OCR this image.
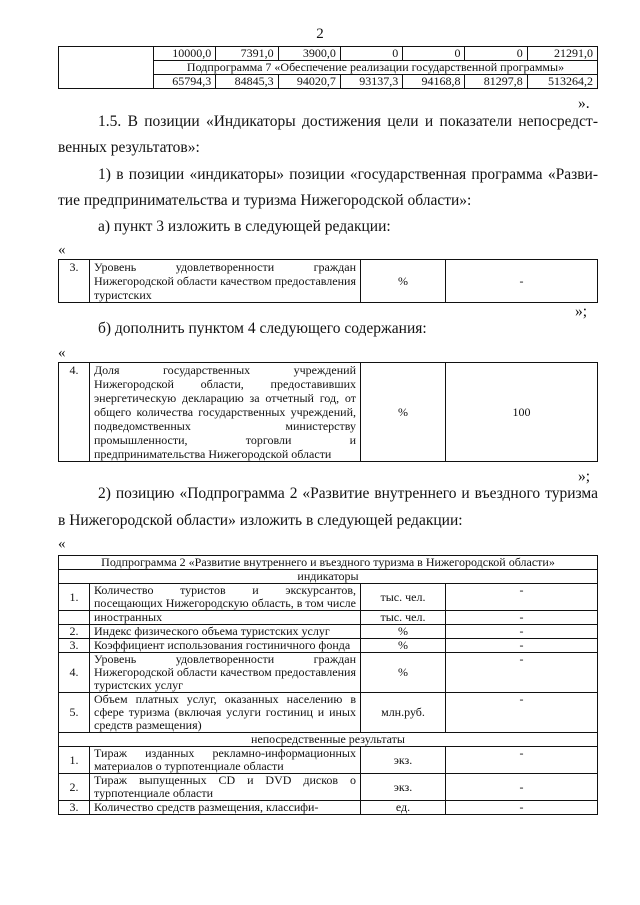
2
	10000,0	7391,0	3900,0	0	0	0	21291,0
	Подпрограмма 7 «Обеспечение реализации государственной программы»						
	65794,3	84845,3	94020,7	93137,3	94168,8	81297,8	513264,2
».
1.5. В позиции «Индикаторы достижения цели и показатели непосредст-
венных результатов»:
1) в позиции «индикаторы» позиции «государственная программа «Разви-
тие предпринимательства и туризма Нижегородской области»:
а) пункт 3 изложить в следующей редакции:
«
3.	Уровень удовлетворенности граждан Нижегородской области качеством предоставления туристских	%	-
»;
б) дополнить пунктом 4 следующего содержания:
«
4.	Доля государственных учреждений Нижегородской области, предоставивших энергетическую декларацию за отчетный год, от общего количества государственных учреждений, подведомственных министерству промышленности, торговли и предпринимательства Нижегородской области	%	100
»;
2) позицию «Подпрограмма 2 «Развитие внутреннего и въездного туризма
в Нижегородской области» изложить в следующей редакции:
«
Подпрограмма 2 «Развитие внутреннего и въездного туризма в Нижегородской области»			
индикаторы			
1.	Количество туристов и экскурсантов, посещающих Нижегородскую область, в том числе	тыс. чел.	-
	иностранных	тыс. чел.	-
2.	Индекс физического объема туристских услуг	%	-
3.	Коэффициент использования гостиничного фонда	%	-
4.	Уровень удовлетворенности граждан Нижегородской области качеством предоставления туристских услуг	%	-
5.	Объем платных услуг, оказанных населению в сфере туризма (включая услуги гостиниц и иных средств размещения)	млн.руб.	-
непосредственные результаты			
1.	Тираж изданных рекламно-информационных материалов о турпотенциале области	экз.	-
2.	Тираж выпущенных CD и DVD дисков о турпотенциале области	экз.	-
3.	Количество средств размещения, классифи-	ед.	-
